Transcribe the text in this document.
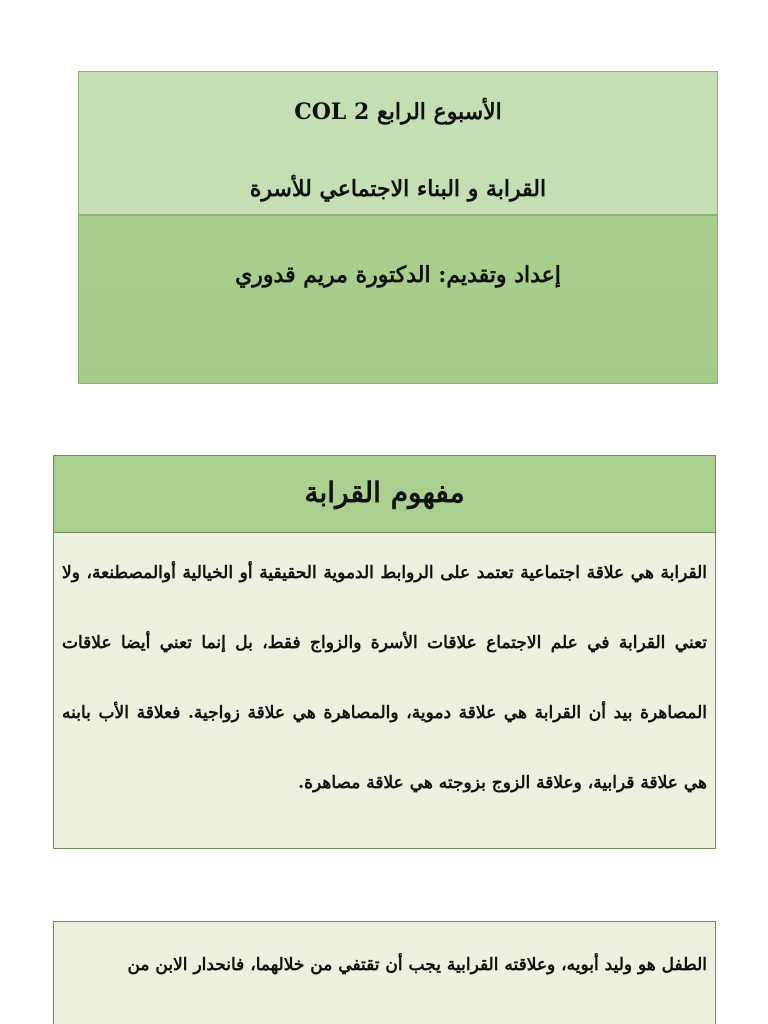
الأسبوع الرابع 2 COL
القرابة و البناء الاجتماعي للأسرة
إعداد وتقديم: الدكتورة مريم قدوري
مفهوم القرابة
القرابة هي علاقة اجتماعية تعتمد على الروابط الدموية الحقيقية أو الخيالية أوالمصطنعة، ولا تعني القرابة في علم الاجتماع علاقات الأسرة والزواج فقط، بل إنما تعني أيضا علاقات المصاهرة بيد أن القرابة هي علاقة دموية، والمصاهرة هي علاقة زواجية. فعلاقة الأب بابنه هي علاقة قرابية، وعلاقة الزوج بزوجته هي علاقة مصاهرة.
الطفل هو وليد أبويه، وعلاقته القرابية يجب أن تقتفي من خلالهما، فانحدار الابن من
